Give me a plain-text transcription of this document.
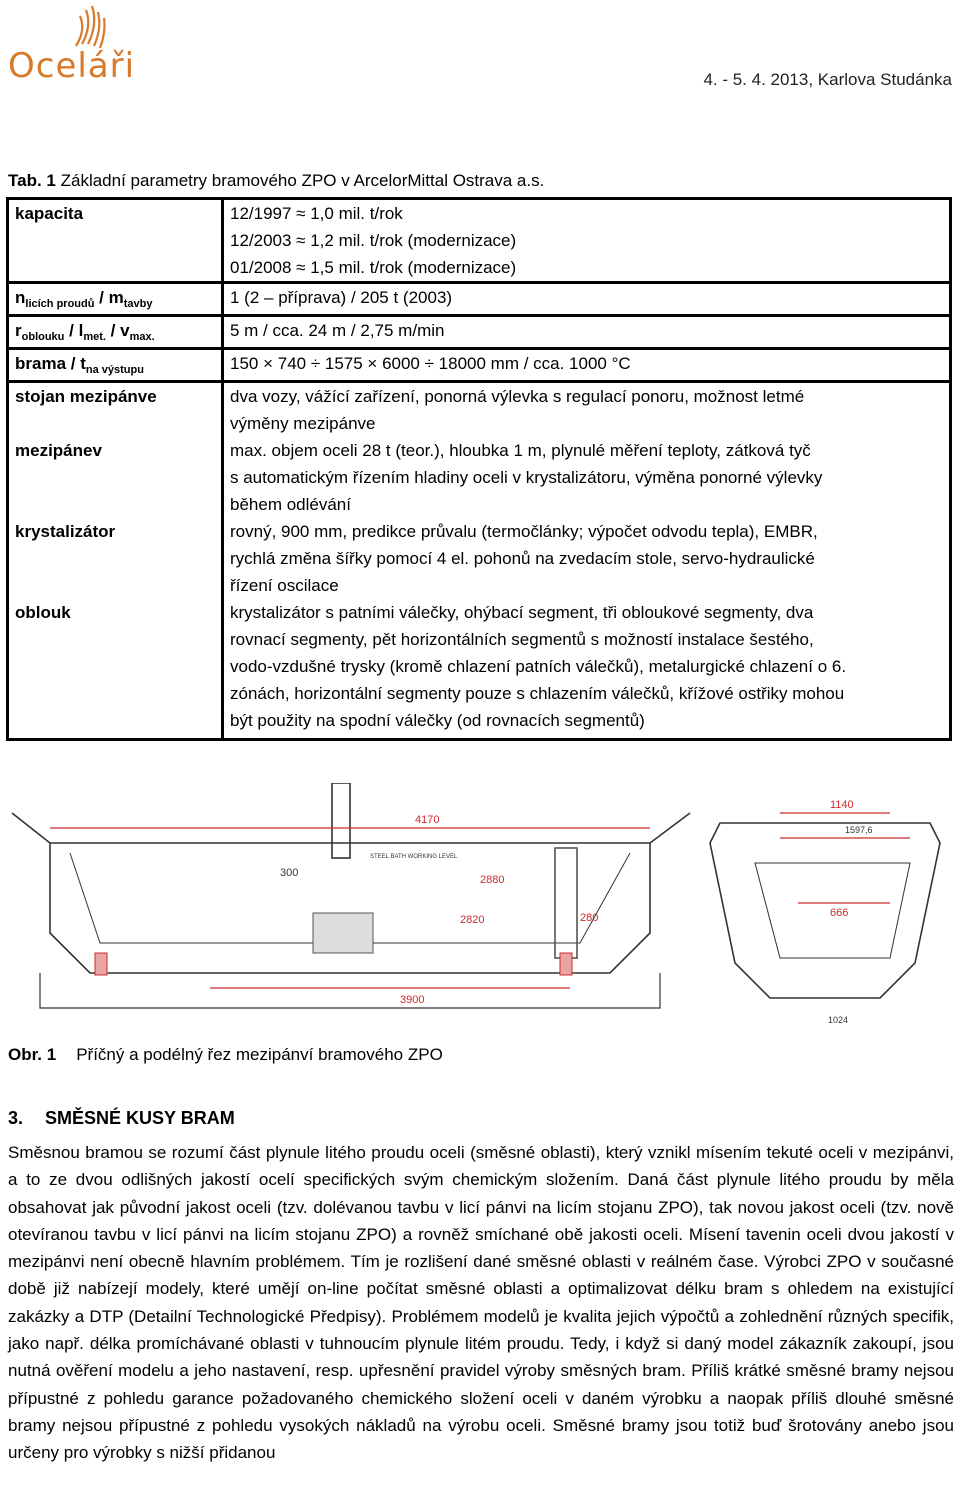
Oceláři	4. - 5. 4. 2013, Karlova Studánka
Tab. 1 Základní parametry bramového ZPO v ArcelorMittal Ostrava a.s.
kapacita	12/1997 ≈ 1,0 mil. t/rok
12/2003 ≈ 1,2 mil. t/rok (modernizace)
01/2008 ≈ 1,5 mil. t/rok (modernizace)

$n_{licích proudů} / m_{tavby}$	1 (2 – příprava) / 205 t (2003)

$r_{oblouku} / l_{met.} / v_{max.}$	5 m / cca. 24 m / 2,75 m/min

brama / $t_{na výstupu}$	150 × 740 ÷ 1575 × 6000 ÷ 18000 mm / cca. 1000 °C

stojan mezipánve	dva vozy, vážící zařízení, ponorná výlevka s regulací ponoru, možnost letmé
výměny mezipánve

mezipánev	max. objem oceli 28 t (teor.), hloubka 1 m, plynulé měření teploty, zátková tyč
s automatickým řízením hladiny oceli v krystalizátoru, výměna ponorné výlevky
během odlévání

krystalizátor	rovný, 900 mm, predikce průvalu (termočlánky; výpočet odvodu tepla), EMBR,
rychlá změna šířky pomocí 4 el. pohonů na zvedacím stole, servo-hydraulické
řízení oscilace

oblouk	krystalizátor s patními válečky, ohýbací segment, tři obloukové segmenty, dva
rovnací segmenty, pět horizontálních segmentů s možností instalace šestého,
vodo-vzdušné trysky (kromě chlazení patních válečků), metalurgické chlazení o 6.
zónách, horizontální segmenty pouze s chlazením válečků, křížové ostřiky mohou
být použity na spodní válečky (od rovnacích segmentů)
4170
2880
300
2820	280
3900
1140
1597,6
666
1024
STEEL BATH WORKING LEVEL
Obr. 1 Příčný a podélný řez mezipánví bramového ZPO
3. SMĚSNÉ KUSY BRAM
Směsnou bramou se rozumí část plynule litého proudu oceli (směsné oblasti), který vznikl mísením tekuté oceli v mezipánvi, a to ze dvou odlišných jakostí ocelí specifických svým chemickým složením. Daná část plynule litého proudu by měla obsahovat jak původní jakost oceli (tzv. dolévanou tavbu v licí pánvi na licím stojanu ZPO), tak novou jakost oceli (tzv. nově otevíranou tavbu v licí pánvi na licím stojanu ZPO) a rovněž smíchané obě jakosti oceli. Mísení tavenin oceli dvou jakostí v mezipánvi není obecně hlavním problémem. Tím je rozlišení dané směsné oblasti v reálném čase. Výrobci ZPO v současné době již nabízejí modely, které umějí on-line počítat směsné oblasti a optimalizovat délku bram s ohledem na existující zakázky a DTP (Detailní Technologické Předpisy). Problémem modelů je kvalita jejich výpočtů a zohlednění různých specifik, jako např. délka promíchávané oblasti v tuhnoucím plynule litém proudu. Tedy, i když si daný model zákazník zakoupí, jsou nutná ověření modelu a jeho nastavení, resp. upřesnění pravidel výroby směsných bram. Příliš krátké směsné bramy nejsou přípustné z pohledu garance požadovaného chemického složení oceli v daném výrobku a naopak příliš dlouhé směsné bramy nejsou přípustné z pohledu vysokých nákladů na výrobu oceli. Směsné bramy jsou totiž buď šrotovány anebo jsou určeny pro výrobky s nižší přidanou
